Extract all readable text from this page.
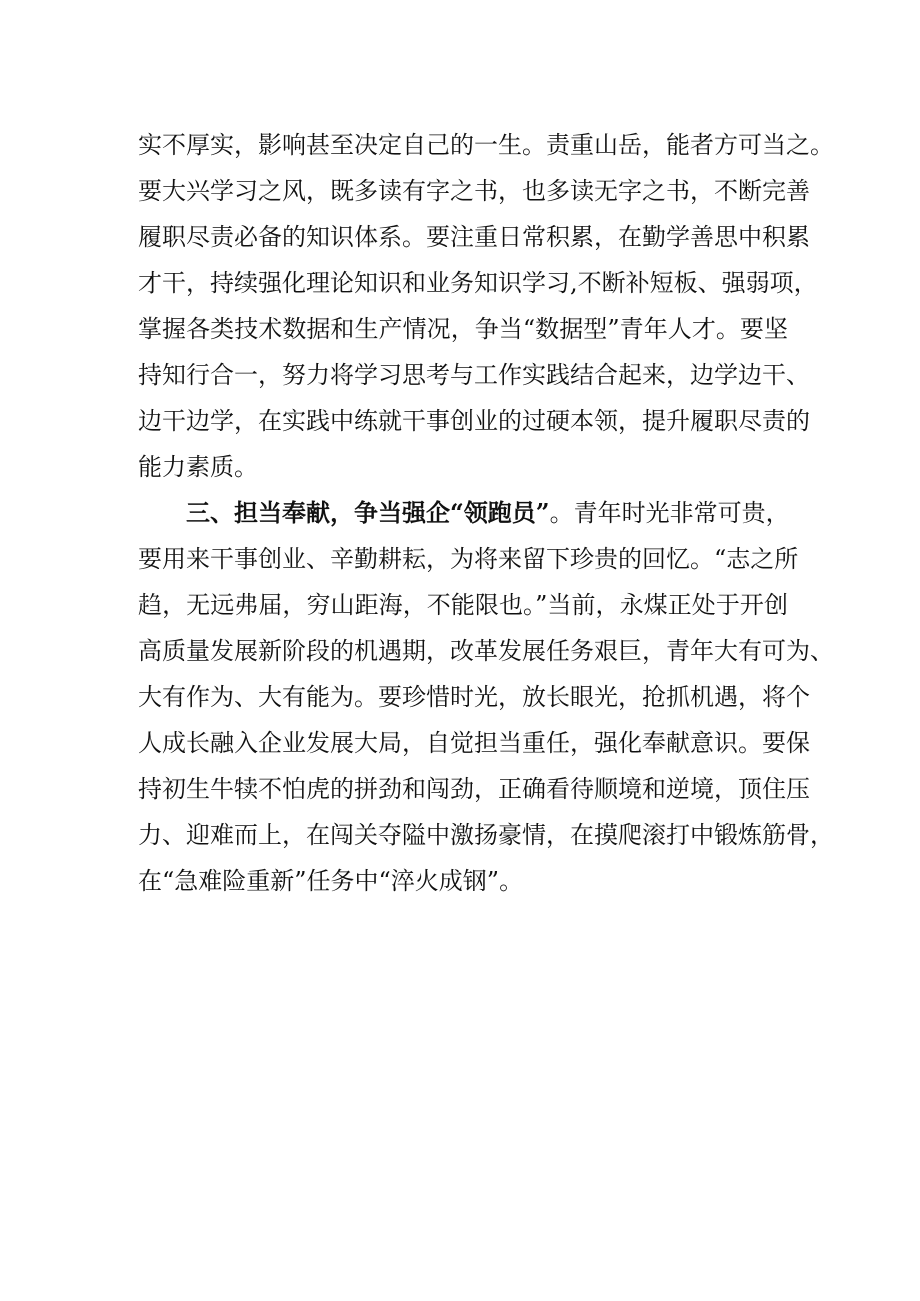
实不厚实，影响甚至决定自己的一生。责重山岳，能者方可当之。
要大兴学习之风，既多读有字之书，也多读无字之书，不断完善
履职尽责必备的知识体系。要注重日常积累，在勤学善思中积累
才干，持续强化理论知识和业务知识学习,不断补短板、强弱项，
掌握各类技术数据和生产情况，争当“数据型”青年人才。要坚
持知行合一，努力将学习思考与工作实践结合起来，边学边干、
边干边学，在实践中练就干事创业的过硬本领，提升履职尽责的
能力素质。
三、担当奉献，争当强企“领跑员”。青年时光非常可贵，
要用来干事创业、辛勤耕耘，为将来留下珍贵的回忆。“志之所
趋，无远弗届，穷山距海，不能限也。”当前，永煤正处于开创
高质量发展新阶段的机遇期，改革发展任务艰巨，青年大有可为、
大有作为、大有能为。要珍惜时光，放长眼光，抢抓机遇，将个
人成长融入企业发展大局，自觉担当重任，强化奉献意识。要保
持初生牛犊不怕虎的拼劲和闯劲，正确看待顺境和逆境，顶住压
力、迎难而上，在闯关夺隘中激扬豪情，在摸爬滚打中锻炼筋骨，
在“急难险重新”任务中“淬火成钢”。
